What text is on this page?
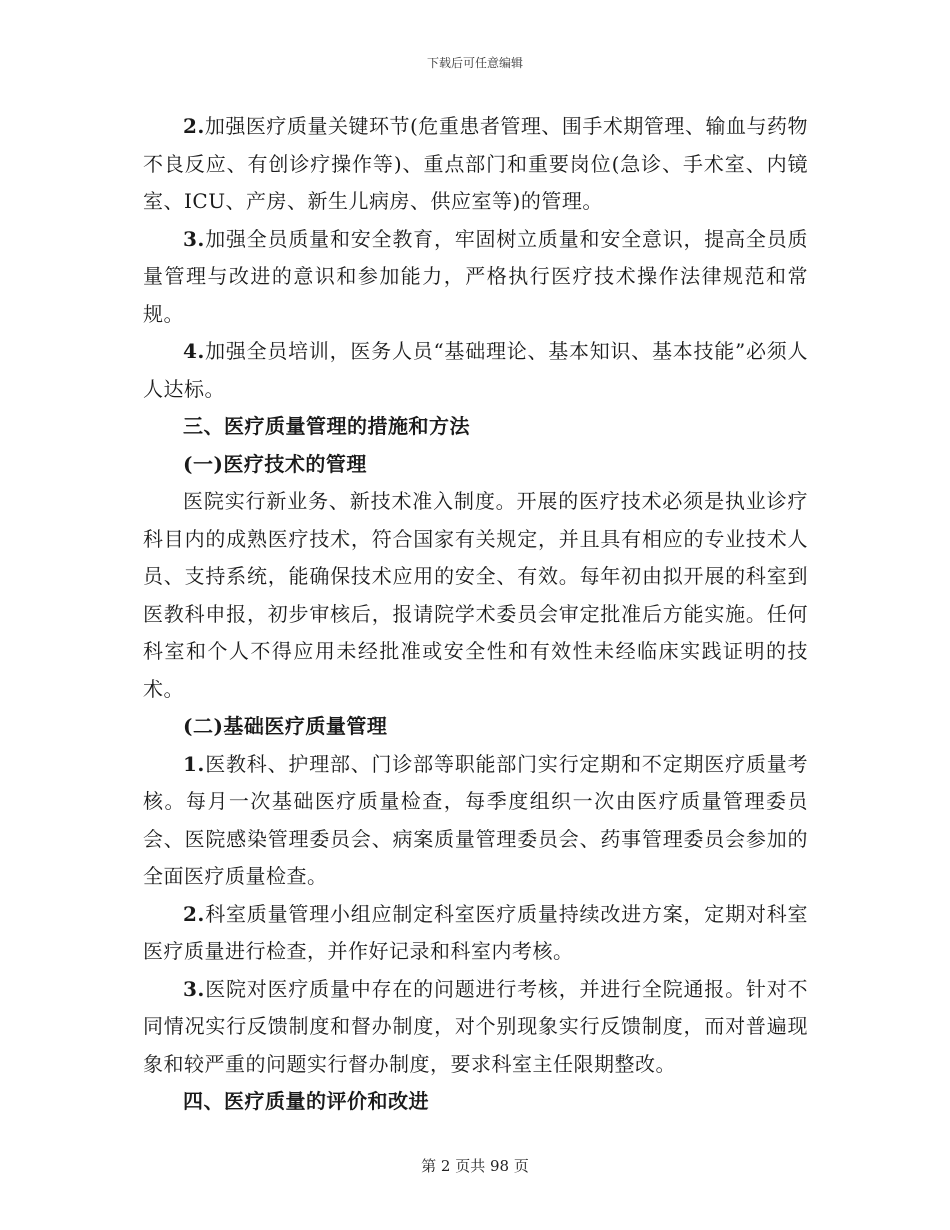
下载后可任意编辑

2.加强医疗质量关键环节(危重患者管理、围手术期管理、输血与药物不良反应、有创诊疗操作等)、重点部门和重要岗位(急诊、手术室、内镜室、ICU、产房、新生儿病房、供应室等)的管理。

3.加强全员质量和安全教育，牢固树立质量和安全意识，提高全员质量管理与改进的意识和参加能力，严格执行医疗技术操作法律规范和常规。

4.加强全员培训，医务人员“基础理论、基本知识、基本技能”必须人人达标。

三、医疗质量管理的措施和方法

(一)医疗技术的管理

医院实行新业务、新技术准入制度。开展的医疗技术必须是执业诊疗科目内的成熟医疗技术，符合国家有关规定，并且具有相应的专业技术人员、支持系统，能确保技术应用的安全、有效。每年初由拟开展的科室到医教科申报，初步审核后，报请院学术委员会审定批准后方能实施。任何科室和个人不得应用未经批准或安全性和有效性未经临床实践证明的技术。

(二)基础医疗质量管理

1.医教科、护理部、门诊部等职能部门实行定期和不定期医疗质量考核。每月一次基础医疗质量检查，每季度组织一次由医疗质量管理委员会、医院感染管理委员会、病案质量管理委员会、药事管理委员会参加的全面医疗质量检查。

2.科室质量管理小组应制定科室医疗质量持续改进方案，定期对科室医疗质量进行检查，并作好记录和科室内考核。

3.医院对医疗质量中存在的问题进行考核，并进行全院通报。针对不同情况实行反馈制度和督办制度，对个别现象实行反馈制度，而对普遍现象和较严重的问题实行督办制度，要求科室主任限期整改。

四、医疗质量的评价和改进

第 2 页共 98 页
